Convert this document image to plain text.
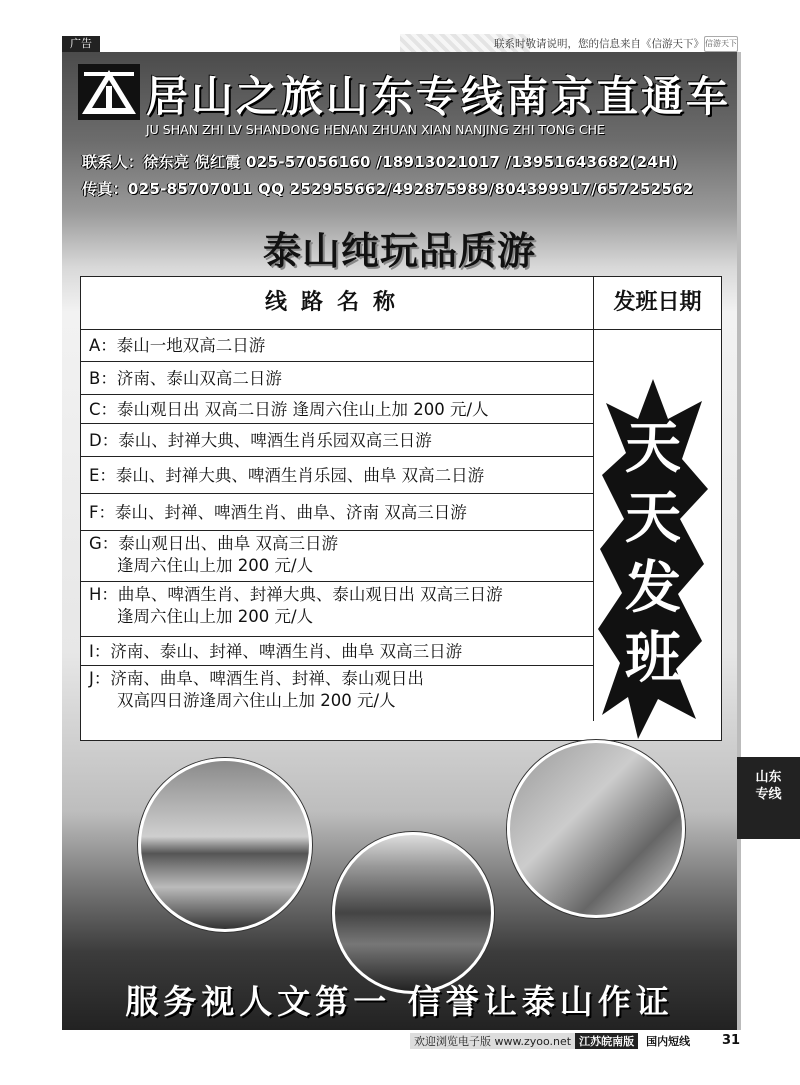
广告	联系时敬请说明，您的信息来自《信游天下》 信游天下
居山之旅山东专线南京直通车
JU SHAN ZHI LV SHANDONG HENAN ZHUAN XIAN NANJING ZHI TONG CHE
联系人：徐东亮 倪红霞 025-57056160 /18913021017 /13951643682(24H)
传真：025-85707011 QQ 252955662/492875989/804399917/657252562
泰山纯玩品质游
线路名称	发班日期
A：泰山一地双高二日游
B：济南、泰山双高二日游
C：泰山观日出 双高二日游 逢周六住山上加 200 元/人
D：泰山、封禅大典、啤酒生肖乐园双高三日游
E：泰山、封禅大典、啤酒生肖乐园、曲阜 双高二日游
F：泰山、封禅、啤酒生肖、曲阜、济南 双高三日游
G：泰山观日出、曲阜 双高三日游
逢周六住山上加 200 元/人
H：曲阜、啤酒生肖、封禅大典、泰山观日出 双高三日游
逢周六住山上加 200 元/人
I：济南、泰山、封禅、啤酒生肖、曲阜 双高三日游
J：济南、曲阜、啤酒生肖、封禅、泰山观日出
双高四日游逢周六住山上加 200 元/人
天
天
发
班
服务视人文第一 信誉让泰山作证
山东
专线
欢迎浏览电子版 www.zyoo.net 江苏皖南版 国内短线	31
